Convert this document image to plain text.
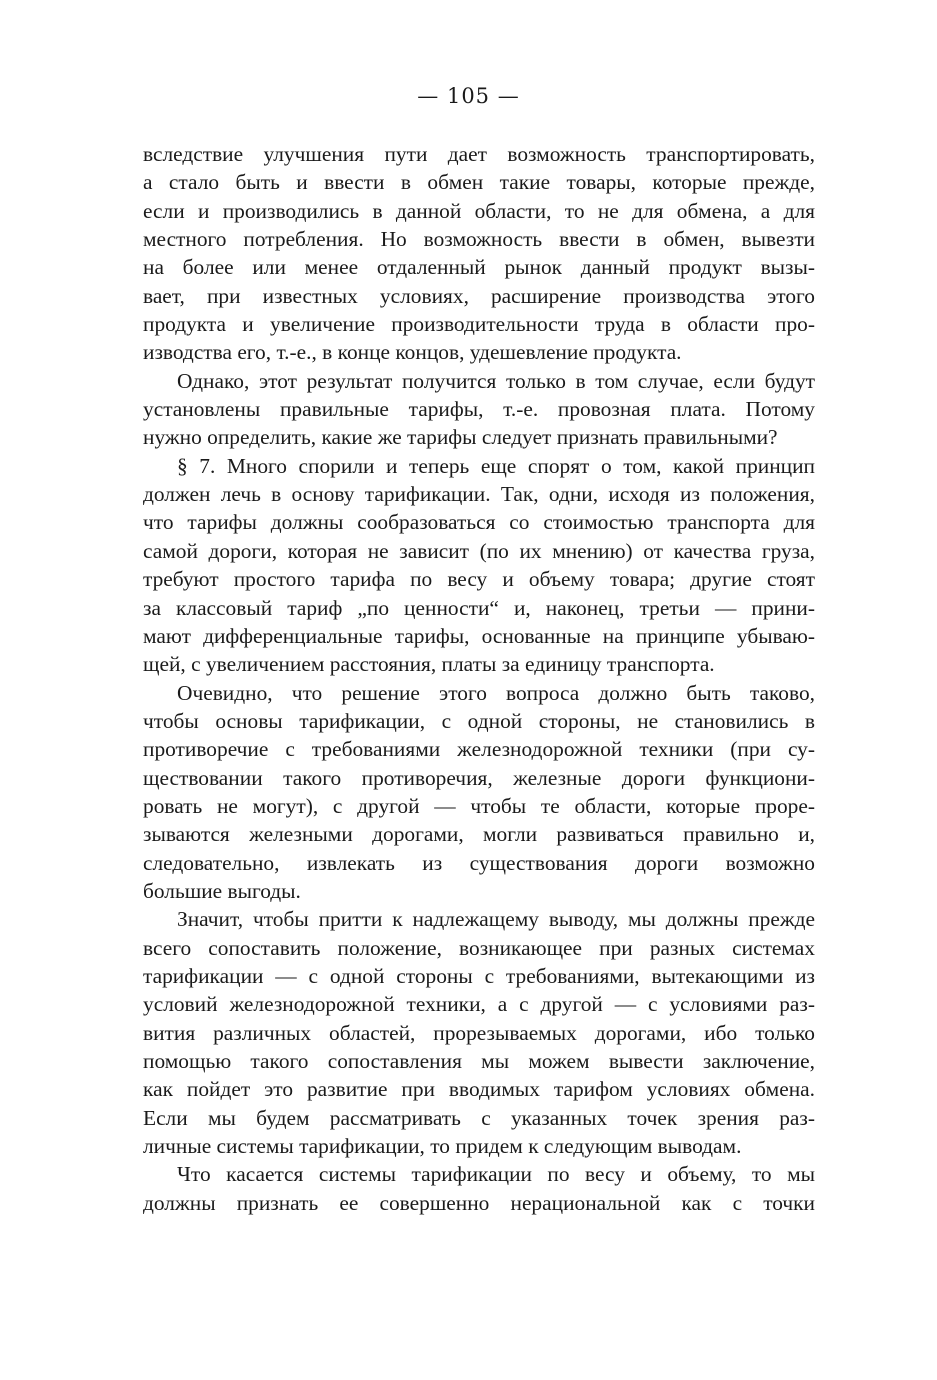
— 105 —
вследствие улучшения пути дает возможность транспортировать,
а стало быть и ввести в обмен такие товары, которые прежде,
если и производились в данной области, то не для обмена, а для
местного потребления. Но возможность ввести в обмен, вывезти
на более или менее отдаленный рынок данный продукт вызы-
вает, при известных условиях, расширение производства этого
продукта и увеличение производительности труда в области про-
изводства его, т.-е., в конце концов, удешевление продукта.
Однако, этот результат получится только в том случае, если будут
установлены правильные тарифы, т.-е. провозная плата. Потому
нужно определить, какие же тарифы следует признать правильными?
§ 7. Много спорили и теперь еще спорят о том, какой принцип
должен лечь в основу тарификации. Так, одни, исходя из положения,
что тарифы должны сообразоваться со стоимостью транспорта для
самой дороги, которая не зависит (по их мнению) от качества груза,
требуют простого тарифа по весу и объему товара; другие стоят
за классовый тариф „по ценности“ и, наконец, третьи — прини-
мают дифференциальные тарифы, основанные на принципе убываю-
щей, с увеличением расстояния, платы за единицу транспорта.
Очевидно, что решение этого вопроса должно быть таково,
чтобы основы тарификации, с одной стороны, не становились в
противоречие с требованиями железнодорожной техники (при су-
ществовании такого противоречия, железные дороги функциони-
ровать не могут), с другой — чтобы те области, которые проре-
зываются железными дорогами, могли развиваться правильно и,
следовательно, извлекать из существования дороги возможно
большие выгоды.
Значит, чтобы притти к надлежащему выводу, мы должны прежде
всего сопоставить положение, возникающее при разных системах
тарификации — с одной стороны с требованиями, вытекающими из
условий железнодорожной техники, а с другой — с условиями раз-
вития различных областей, прорезываемых дорогами, ибо только
помощью такого сопоставления мы можем вывести заключение,
как пойдет это развитие при вводимых тарифом условиях обмена.
Если мы будем рассматривать с указанных точек зрения раз-
личные системы тарификации, то придем к следующим выводам.
Что касается системы тарификации по весу и объему, то мы
должны признать ее совершенно нерациональной как с точки
